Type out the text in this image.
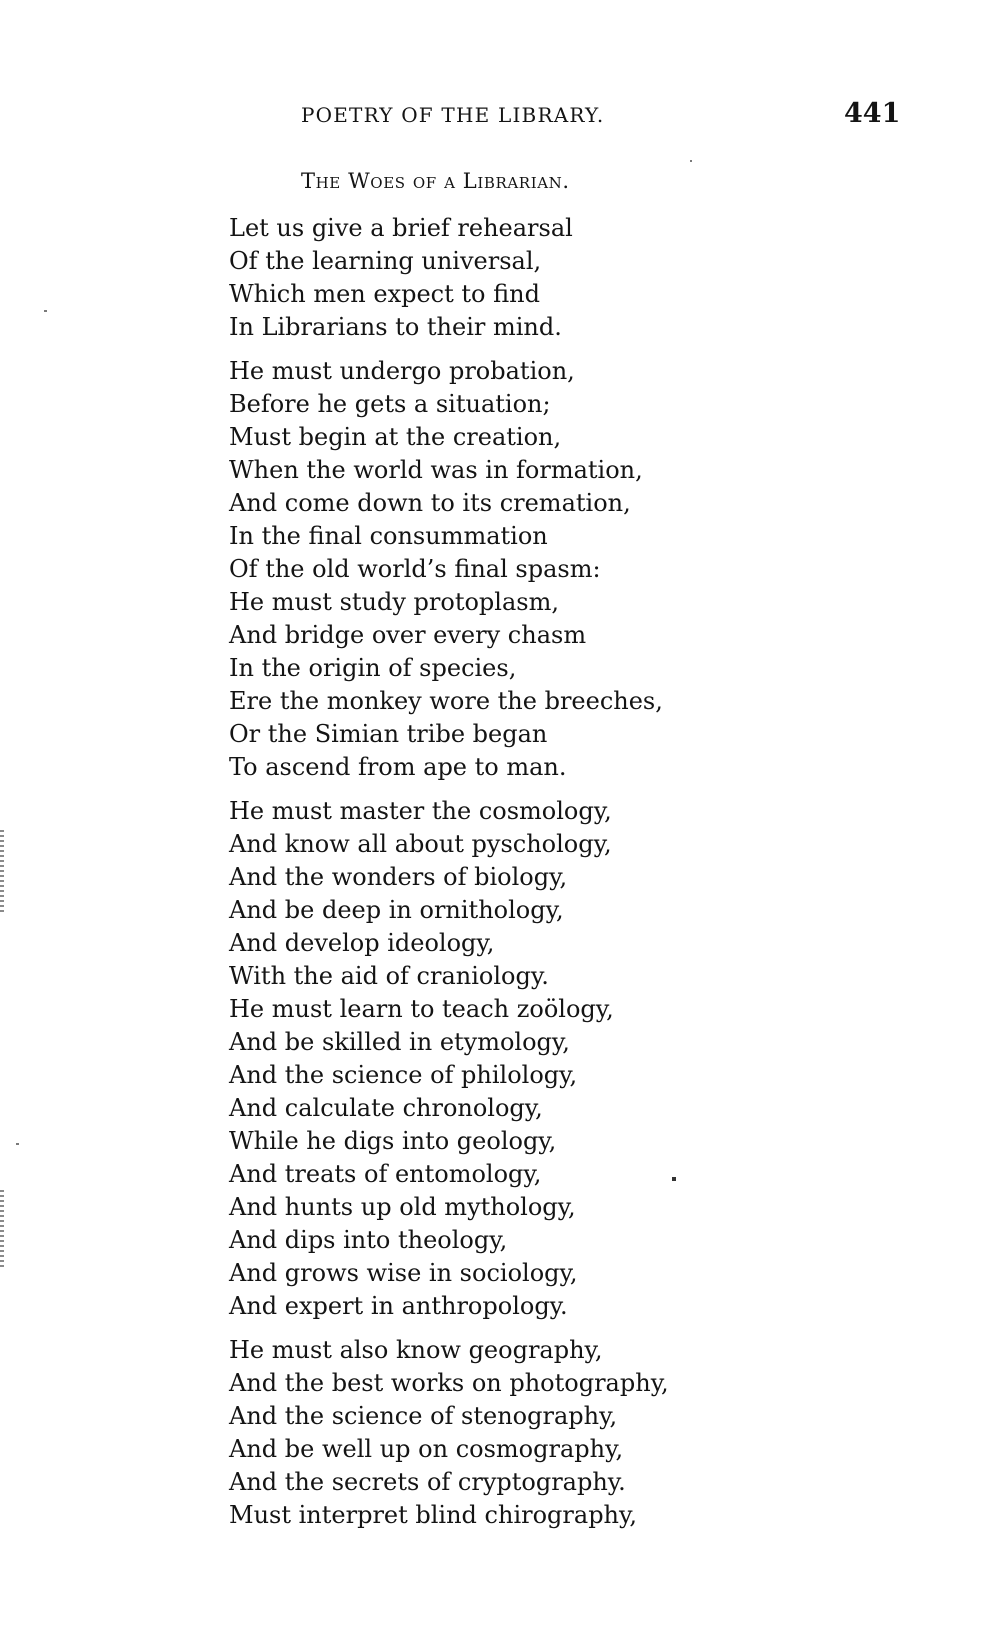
POETRY OF THE LIBRARY.	441
The Woes of a Librarian.
Let us give a brief rehearsal
Of the learning universal,
Which men expect to find
In Librarians to their mind.
He must undergo probation,
Before he gets a situation;
Must begin at the creation,
When the world was in formation,
And come down to its cremation,
In the final consummation
Of the old world’s final spasm:
He must study protoplasm,
And bridge over every chasm
In the origin of species,
Ere the monkey wore the breeches,
Or the Simian tribe began
To ascend from ape to man.
He must master the cosmology,
And know all about pyschology,
And the wonders of biology,
And be deep in ornithology,
And develop ideology,
With the aid of craniology.
He must learn to teach zoölogy,
And be skilled in etymology,
And the science of philology,
And calculate chronology,
While he digs into geology,
And treats of entomology,
And hunts up old mythology,
And dips into theology,
And grows wise in sociology,
And expert in anthropology.
He must also know geography,
And the best works on photography,
And the science of stenography,
And be well up on cosmography,
And the secrets of cryptography.
Must interpret blind chirography,
